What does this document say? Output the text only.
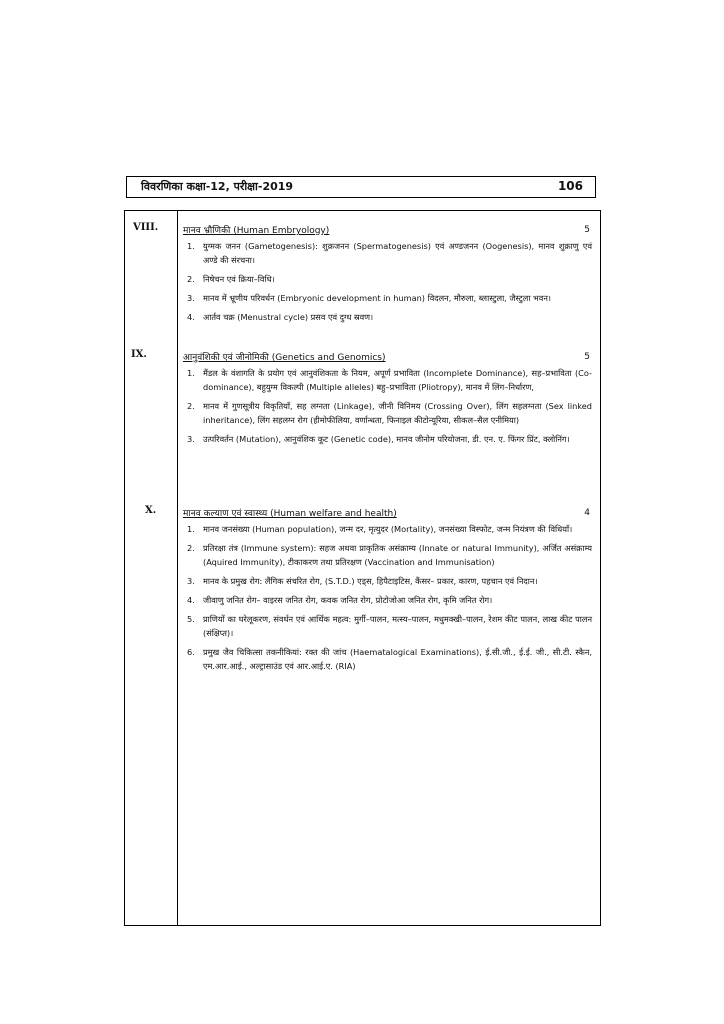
विवरणिका कक्षा-12, परीक्षा-2019	106
VIII.	मानव भ्रौणिकी (Human Embryology)	5
1. युग्मक जनन (Gametogenesis): शुक्रजनन (Spermatogenesis) एवं अण्डजनन (Oogenesis), मानव शुक्राणु एवं अण्डे की संरचना।
2. निषेचन एवं क्रिया–विधि।
3. मानव में भ्रूणीय परिवर्धन (Embryonic development in human) विदलन, मौरुला, ब्लास्टुला, जैस्टुला भवन।
4. आर्तव चक्र (Menustral cycle) प्रसव एवं दुग्ध स्रवण।
IX.	आनुवंशिकी एवं जीनोमिकी (Genetics and Genomics)	5
1. मैंडल के वंशागति के प्रयोग एवं आनुवंशिकता के नियम, अपूर्ण प्रभाविता (Incomplete Dominance), सह–प्रभाविता (Co-dominance), बहुयुग्म विकल्पी (Multiple alleles) बहु–प्रभाविता (Pliotropy), मानव में लिंग–निर्धारण,
2. मानव में गुणसूत्रीय विकृतियाँ, सह लग्नता (Linkage), जीनी विनिमय (Crossing Over), लिंग सहलग्नता (Sex linked inheritance), लिंग सहलग्न रोग (हीमोफीलिया, वर्णान्धता, फिनाइल कीटोन्यूरिया, सीकल–सैल एनीमिया)
3. उत्परिवर्तन (Mutation), आनुवंशिक कूट (Genetic code), मानव जीनोम परियोजना, डी. एन. ए. फिंगर प्रिंट, क्लोनिंग।
X.	मानव कल्याण एवं स्वास्थ्य (Human welfare and health)	4
1. मानव जनसंख्या (Human population), जन्म दर, मृत्युदर (Mortality), जनसंख्या विस्फोट, जन्म नियंत्रण की विधियाँ।
2. प्रतिरक्षा तंत्र (Immune system): सहज अथवा प्राकृतिक असंक्राम्य (Innate or natural Immunity), अर्जित असंक्राम्य (Aquired Immunity), टीकाकरण तथा प्रतिरक्षण (Vaccination and Immunisation)
3. मानव के प्रमुख रोग: लैंगिक संचरित रोग, (S.T.D.) एड्स, हिपैटाइटिस, कैंसर– प्रकार, कारण, पहचान एवं निदान।
4. जीवाणु जनित रोग– वाइरस जनित रोग, कवक जनित रोग, प्रोटोजोआ जनित रोग, कृमि जनित रोग।
5. प्राणियों का घरेलूकरण, संवर्धन एवं आर्थिक महत्व: मुर्गी–पालन, मत्स्य–पालन, मधुमक्खी–पालन, रेशम कीट पालन, लाख कीट पालन (संक्षिप्त)।
6. प्रमुख जैव चिकित्सा तकनीकियां: रक्त की जांच (Haematalogical Examinations), ई.सी.जी., ई.ई. जी., सी.टी. स्कैन, एम.आर.आई., अल्ट्रासाउंड एवं आर.आई.ए. (RIA)
